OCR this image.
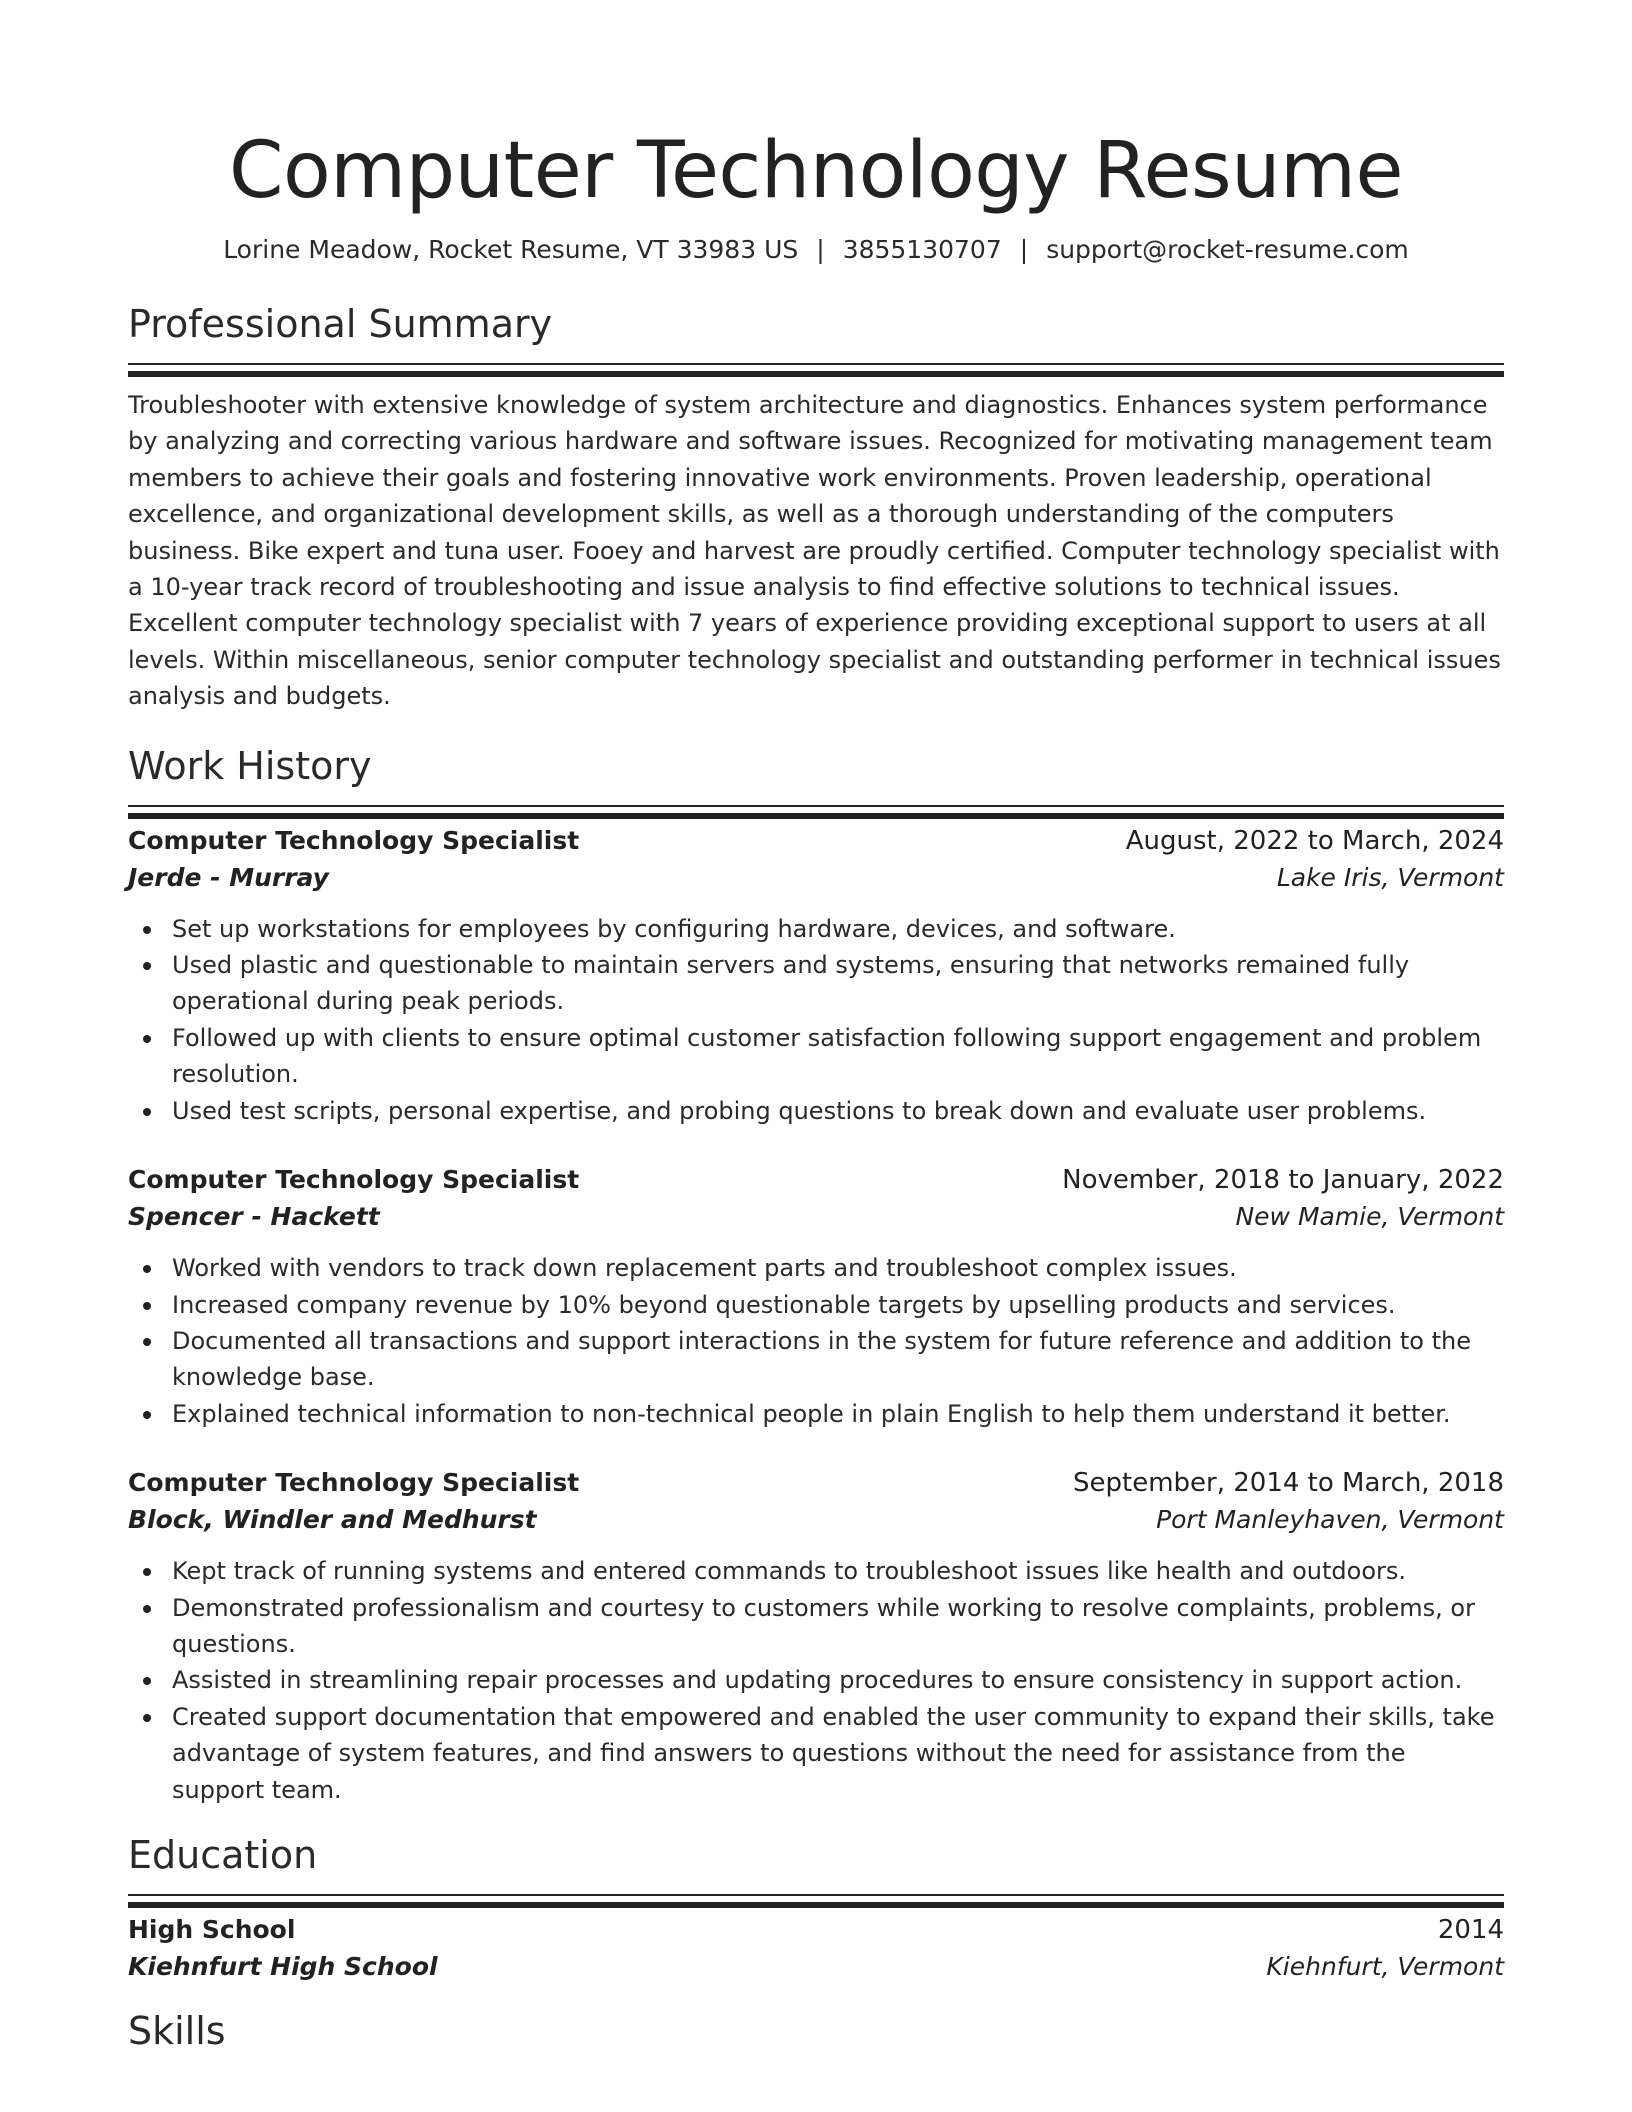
Computer Technology Resume
Lorine Meadow, Rocket Resume, VT 33983 US | 3855130707 | support@rocket-resume.com
Professional Summary

Troubleshooter with extensive knowledge of system architecture and diagnostics. Enhances system performance by analyzing and correcting various hardware and software issues. Recognized for motivating management team members to achieve their goals and fostering innovative work environments. Proven leadership, operational excellence, and organizational development skills, as well as a thorough understanding of the computers business. Bike expert and tuna user. Fooey and harvest are proudly certified. Computer technology specialist with a 10-year track record of troubleshooting and issue analysis to find effective solutions to technical issues. Excellent computer technology specialist with 7 years of experience providing exceptional support to users at all levels. Within miscellaneous, senior computer technology specialist and outstanding performer in technical issues analysis and budgets.

Work History
Computer Technology Specialist	August, 2022 to March, 2024
Jerde - Murray	Lake Iris, Vermont
Set up workstations for employees by configuring hardware, devices, and software.
Used plastic and questionable to maintain servers and systems, ensuring that networks remained fully operational during peak periods.
Followed up with clients to ensure optimal customer satisfaction following support engagement and problem resolution.
Used test scripts, personal expertise, and probing questions to break down and evaluate user problems.
Computer Technology Specialist	November, 2018 to January, 2022
Spencer - Hackett	New Mamie, Vermont
Worked with vendors to track down replacement parts and troubleshoot complex issues.
Increased company revenue by 10% beyond questionable targets by upselling products and services.
Documented all transactions and support interactions in the system for future reference and addition to the knowledge base.
Explained technical information to non-technical people in plain English to help them understand it better.
Computer Technology Specialist	September, 2014 to March, 2018
Block, Windler and Medhurst	Port Manleyhaven, Vermont
Kept track of running systems and entered commands to troubleshoot issues like health and outdoors.
Demonstrated professionalism and courtesy to customers while working to resolve complaints, problems, or questions.
Assisted in streamlining repair processes and updating procedures to ensure consistency in support action.
Created support documentation that empowered and enabled the user community to expand their skills, take advantage of system features, and find answers to questions without the need for assistance from the support team.
Education
High School	2014
Kiehnfurt High School	Kiehnfurt, Vermont
Skills
